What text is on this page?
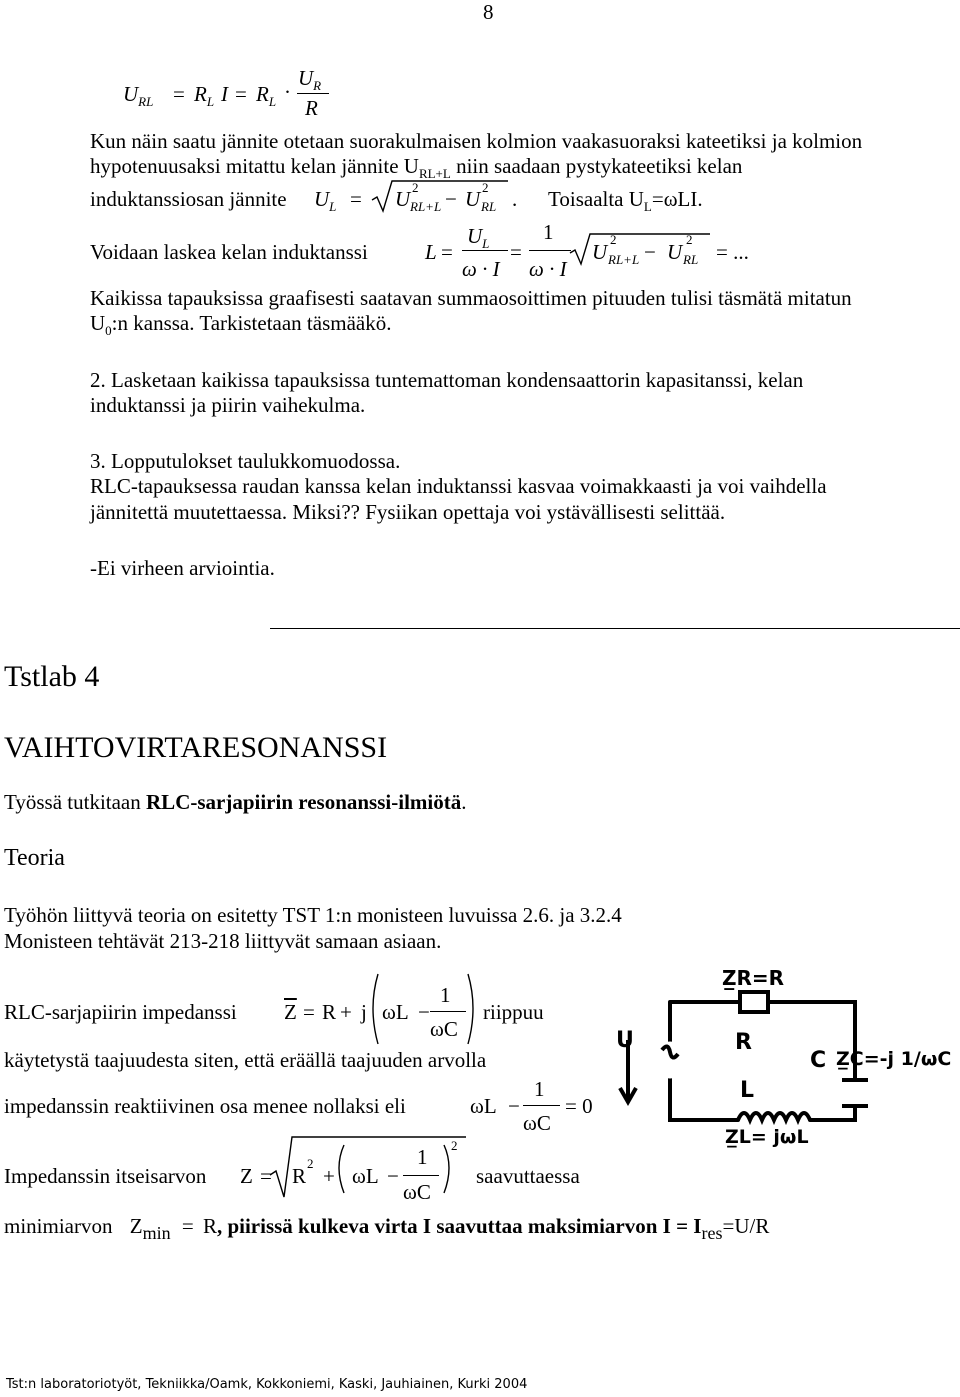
8
$U_{RL} = R_L$ $I = R_L$ ·
$U_R$
R
Kun näin saatu jännite otetaan suorakulmaisen kolmion vaakasuoraksi kateetiksi ja kolmion
hypotenuusaksi mitattu kelan jännite $U_{RL+L}$ niin saadaan pystykateetiksi kelan
induktanssiosan jännite $U_L = U$ 2
RL+L − U 2
RL . Toisaalta $U_L=\omega LI$.
Voidaan laskea kelan induktanssi	L =
$U_L$
ω · I
=
1
ω · I
U
2
RL+L − U
2
RL = ...
Kaikissa tapauksissa graafisesti saatavan summaosoittimen pituuden tulisi täsmätä mitatun
$U_0:n$ kanssa. Tarkistetaan täsmääkö.
2. Lasketaan kaikissa tapauksissa tuntemattoman kondensaattorin kapasitanssi, kelan
induktanssi ja piirin vaihekulma.
3. Lopputulokset taulukkomuodossa.
RLC-tapauksessa raudan kanssa kelan induktanssi kasvaa voimakkaasti ja voi vaihdella
jännitettä muutettaessa. Miksi?? Fysiikan opettaja voi ystävällisesti selittää.
-Ei virheen arviointia.
Tstlab 4
VAIHTOVIRTARESONANSSI
Työssä tutkitaan RLC-sarjapiirin resonanssi-ilmiötä.
Teoria
Työhön liittyvä teoria on esitetty TST 1:n monisteen luvuissa 2.6. ja 3.2.4
Monisteen tehtävät 213-218 liittyvät samaan asiaan.
RLC-sarjapiirin impedanssi $\overline{Z} = R + j$ ωL −
1
ωC
riippuu
käytetystä taajuudesta siten, että eräällä taajuuden arvolla
impedanssin reaktiivinen osa menee nollaksi eli	ωL −
1
ωC
= 0
Impedanssin itseisarvon Z = R
2
+ ωL −
1
ωC
2
saavuttaessa
minimiarvon Zmin = R, piirissä kulkeva virta I saavuttaa maksimiarvon I = Ires=U/R
Z̲R=R
R
C Z̲C=-j 1/ωC
L
Z̲L= jωL
U
Tst:n laboratoriotyöt, Tekniikka/Oamk, Kokkoniemi, Kaski, Jauhiainen, Kurki 2004
